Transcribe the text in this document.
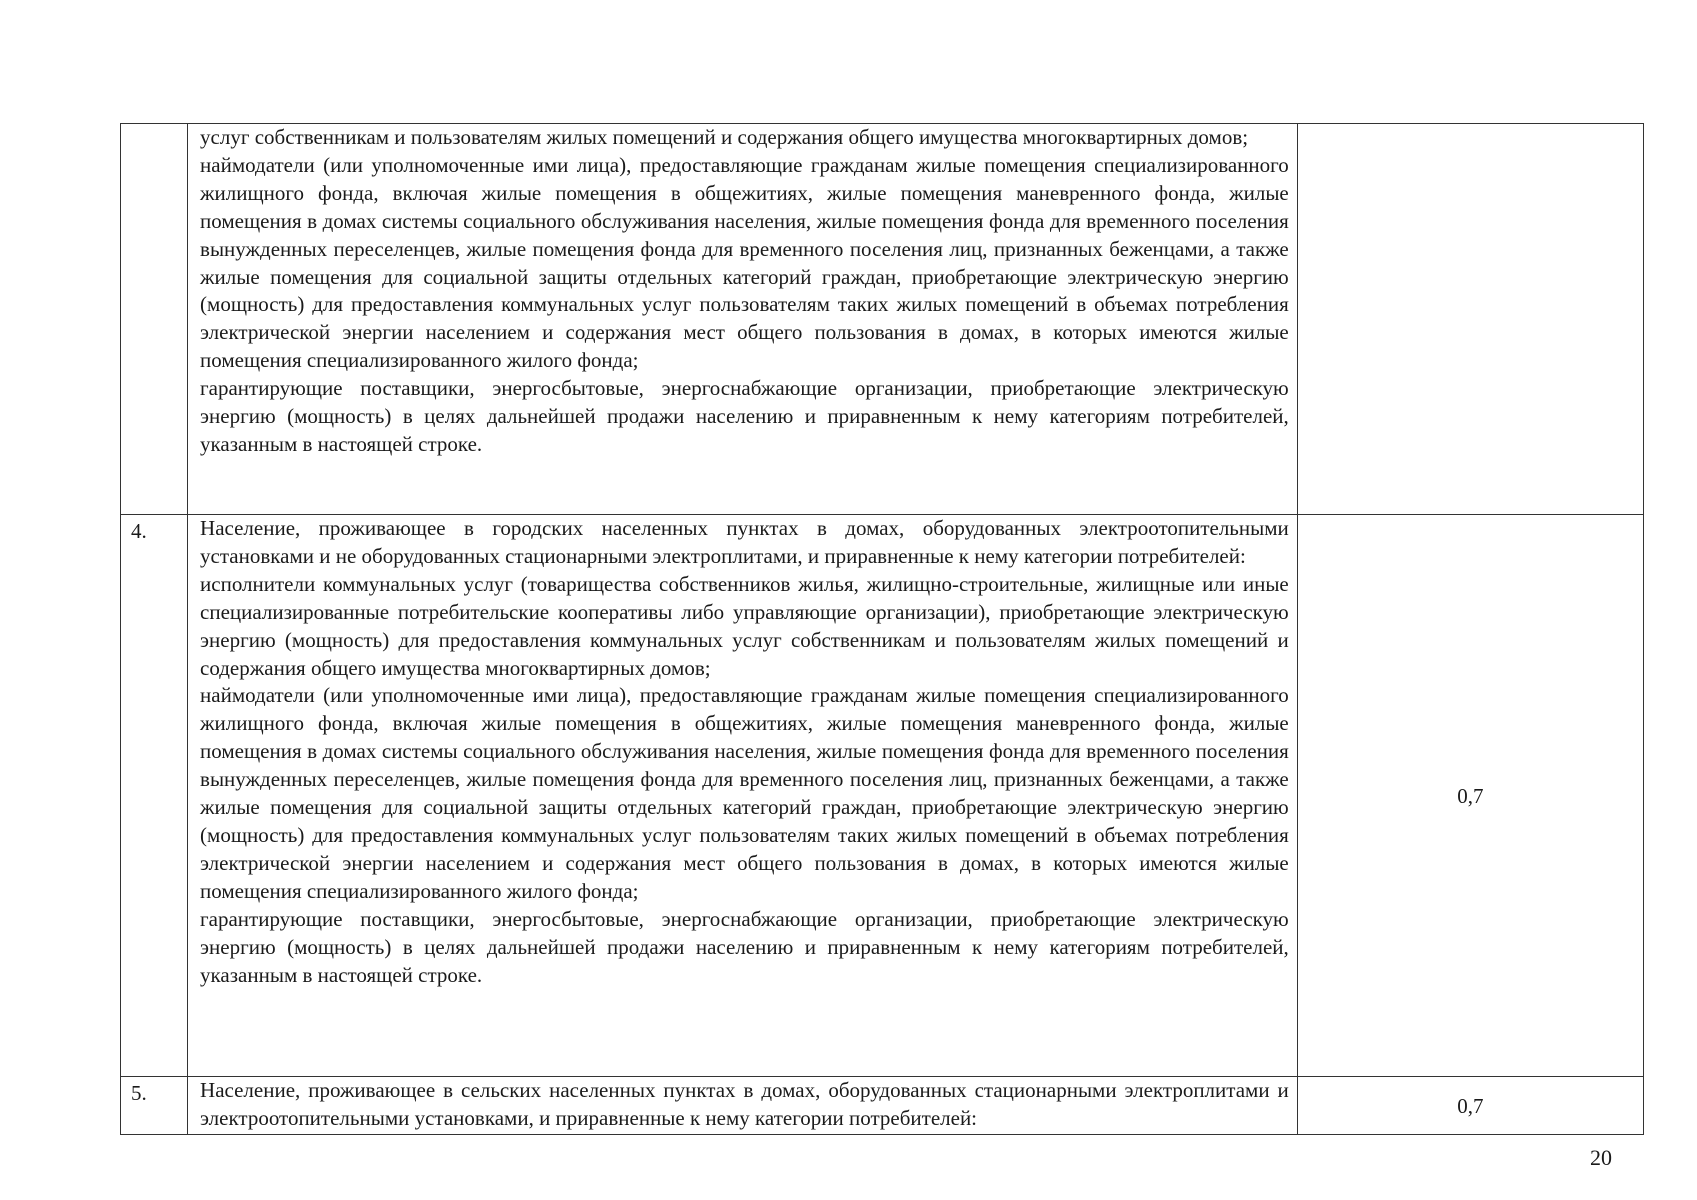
	услуг собственникам и пользователям жилых помещений и содержания общего имущества многоквартирных домов;

наймодатели (или уполномоченные ими лица), предоставляющие гражданам жилые помещения специализированного жилищного фонда, включая жилые помещения в общежитиях, жилые помещения маневренного фонда, жилые помещения в домах системы социального обслуживания населения, жилые помещения фонда для временного поселения вынужденных переселенцев, жилые помещения фонда для временного поселения лиц, признанных беженцами, а также жилые помещения для социальной защиты отдельных категорий граждан, приобретающие электрическую энергию (мощность) для предоставления коммунальных услуг пользователям таких жилых помещений в объемах потребления электрической энергии населением и содержания мест общего пользования в домах, в которых имеются жилые помещения специализированного жилого фонда;

гарантирующие поставщики, энергосбытовые, энергоснабжающие организации, приобретающие электрическую энергию (мощность) в целях дальнейшей продажи населению и приравненным к нему категориям потребителей, указанным в настоящей строке.	

4.	Население, проживающее в городских населенных пунктах в домах, оборудованных электроотопительными установками и не оборудованных стационарными электроплитами, и приравненные к нему категории потребителей:

исполнители коммунальных услуг (товарищества собственников жилья, жилищно-строительные, жилищные или иные специализированные потребительские кооперативы либо управляющие организации), приобретающие электрическую энергию (мощность) для предоставления коммунальных услуг собственникам и пользователям жилых помещений и содержания общего имущества многоквартирных домов;

наймодатели (или уполномоченные ими лица), предоставляющие гражданам жилые помещения специализированного жилищного фонда, включая жилые помещения в общежитиях, жилые помещения маневренного фонда, жилые помещения в домах системы социального обслуживания населения, жилые помещения фонда для временного поселения вынужденных переселенцев, жилые помещения фонда для временного поселения лиц, признанных беженцами, а также жилые помещения для социальной защиты отдельных категорий граждан, приобретающие электрическую энергию (мощность) для предоставления коммунальных услуг пользователям таких жилых помещений в объемах потребления электрической энергии населением и содержания мест общего пользования в домах, в которых имеются жилые помещения специализированного жилого фонда;

гарантирующие поставщики, энергосбытовые, энергоснабжающие организации, приобретающие электрическую энергию (мощность) в целях дальнейшей продажи населению и приравненным к нему категориям потребителей, указанным в настоящей строке.	0,7
5.	Население, проживающее в сельских населенных пунктах в домах, оборудованных стационарными электроплитами и электроотопительными установками, и приравненные к нему категории потребителей:	0,7
20
